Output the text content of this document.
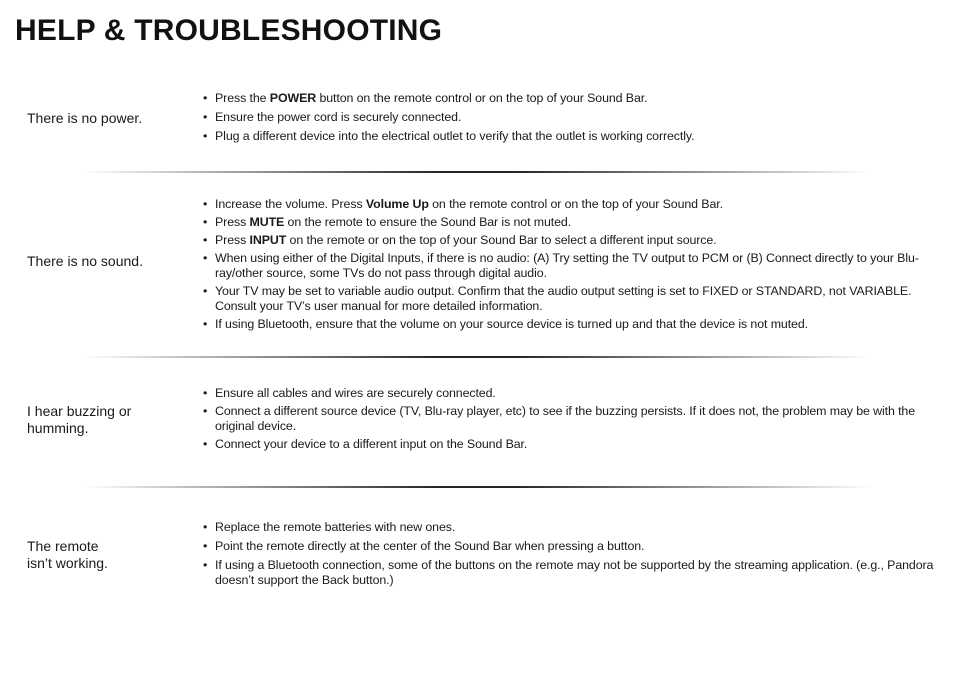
HELP & TROUBLESHOOTING
There is no power.
• Press the POWER button on the remote control or on the top of your Sound Bar.
• Ensure the power cord is securely connected.
• Plug a different device into the electrical outlet to verify that the outlet is working correctly.
There is no sound.
• Increase the volume. Press Volume Up on the remote control or on the top of your Sound Bar.
• Press MUTE on the remote to ensure the Sound Bar is not muted.
• Press INPUT on the remote or on the top of your Sound Bar to select a different input source.
• When using either of the Digital Inputs, if there is no audio: (A) Try setting the TV output to PCM or (B) Connect directly to your Blu-ray/other source, some TVs do not pass through digital audio.
• Your TV may be set to variable audio output. Confirm that the audio output setting is set to FIXED or STANDARD, not VARIABLE. Consult your TV’s user manual for more detailed information.
• If using Bluetooth, ensure that the volume on your source device is turned up and that the device is not muted.
I hear buzzing or humming.
• Ensure all cables and wires are securely connected.
• Connect a different source device (TV, Blu-ray player, etc) to see if the buzzing persists. If it does not, the problem may be with the original device.
• Connect your device to a different input on the Sound Bar.
The remote isn’t working.
• Replace the remote batteries with new ones.
• Point the remote directly at the center of the Sound Bar when pressing a button.
• If using a Bluetooth connection, some of the buttons on the remote may not be supported by the streaming application. (e.g., Pandora doesn’t support the Back button.)
